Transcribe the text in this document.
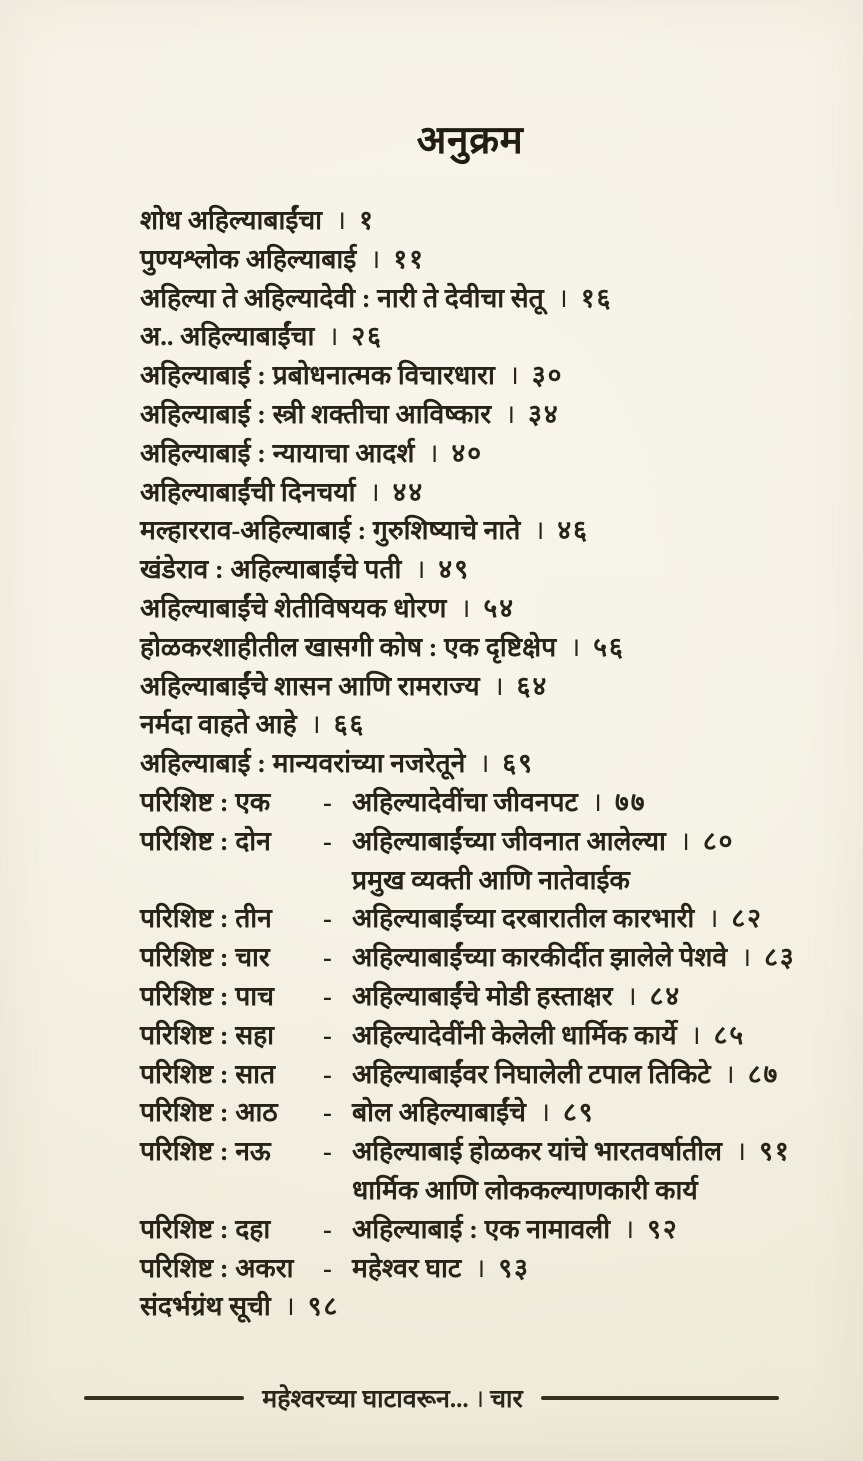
अनुक्रम
शोध अहिल्याबाईंचा । १
पुण्यश्लोक अहिल्याबाई । ११
अहिल्या ते अहिल्यादेवी : नारी ते देवीचा सेतू । १६
अ.. अहिल्याबाईंचा । २६
अहिल्याबाई : प्रबोधनात्मक विचारधारा । ३०
अहिल्याबाई : स्त्री शक्तीचा आविष्कार । ३४
अहिल्याबाई : न्यायाचा आदर्श । ४०
अहिल्याबाईंची दिनचर्या । ४४
मल्हारराव-अहिल्याबाई : गुरुशिष्याचे नाते । ४६
खंडेराव : अहिल्याबाईंचे पती । ४९
अहिल्याबाईंचे शेतीविषयक धोरण । ५४
होळकरशाहीतील खासगी कोष : एक दृष्टिक्षेप । ५६
अहिल्याबाईंचे शासन आणि रामराज्य । ६४
नर्मदा वाहते आहे । ६६
अहिल्याबाई : मान्यवरांच्या नजरेतूने । ६९
परिशिष्ट : एक	- अहिल्यादेवींचा जीवनपट । ७७
परिशिष्ट : दोन	- अहिल्याबाईंच्या जीवनात आलेल्या । ८०
प्रमुख व्यक्ती आणि नातेवाईक
परिशिष्ट : तीन	- अहिल्याबाईंच्या दरबारातील कारभारी । ८२
परिशिष्ट : चार	- अहिल्याबाईंच्या कारकीर्दीत झालेले पेशवे । ८३
परिशिष्ट : पाच	- अहिल्याबाईंचे मोडी हस्ताक्षर । ८४
परिशिष्ट : सहा	- अहिल्यादेवींनी केलेली धार्मिक कार्ये । ८५
परिशिष्ट : सात	- अहिल्याबाईंवर निघालेली टपाल तिकिटे । ८७
परिशिष्ट : आठ	- बोल अहिल्याबाईंचे । ८९
परिशिष्ट : नऊ	- अहिल्याबाई होळकर यांचे भारतवर्षातील । ९१
धार्मिक आणि लोककल्याणकारी कार्य
परिशिष्ट : दहा	- अहिल्याबाई : एक नामावली । ९२
परिशिष्ट : अकरा	- महेश्वर घाट । ९३
संदर्भग्रंथ सूची । ९८
महेश्वरच्या घाटावरून... । चार
